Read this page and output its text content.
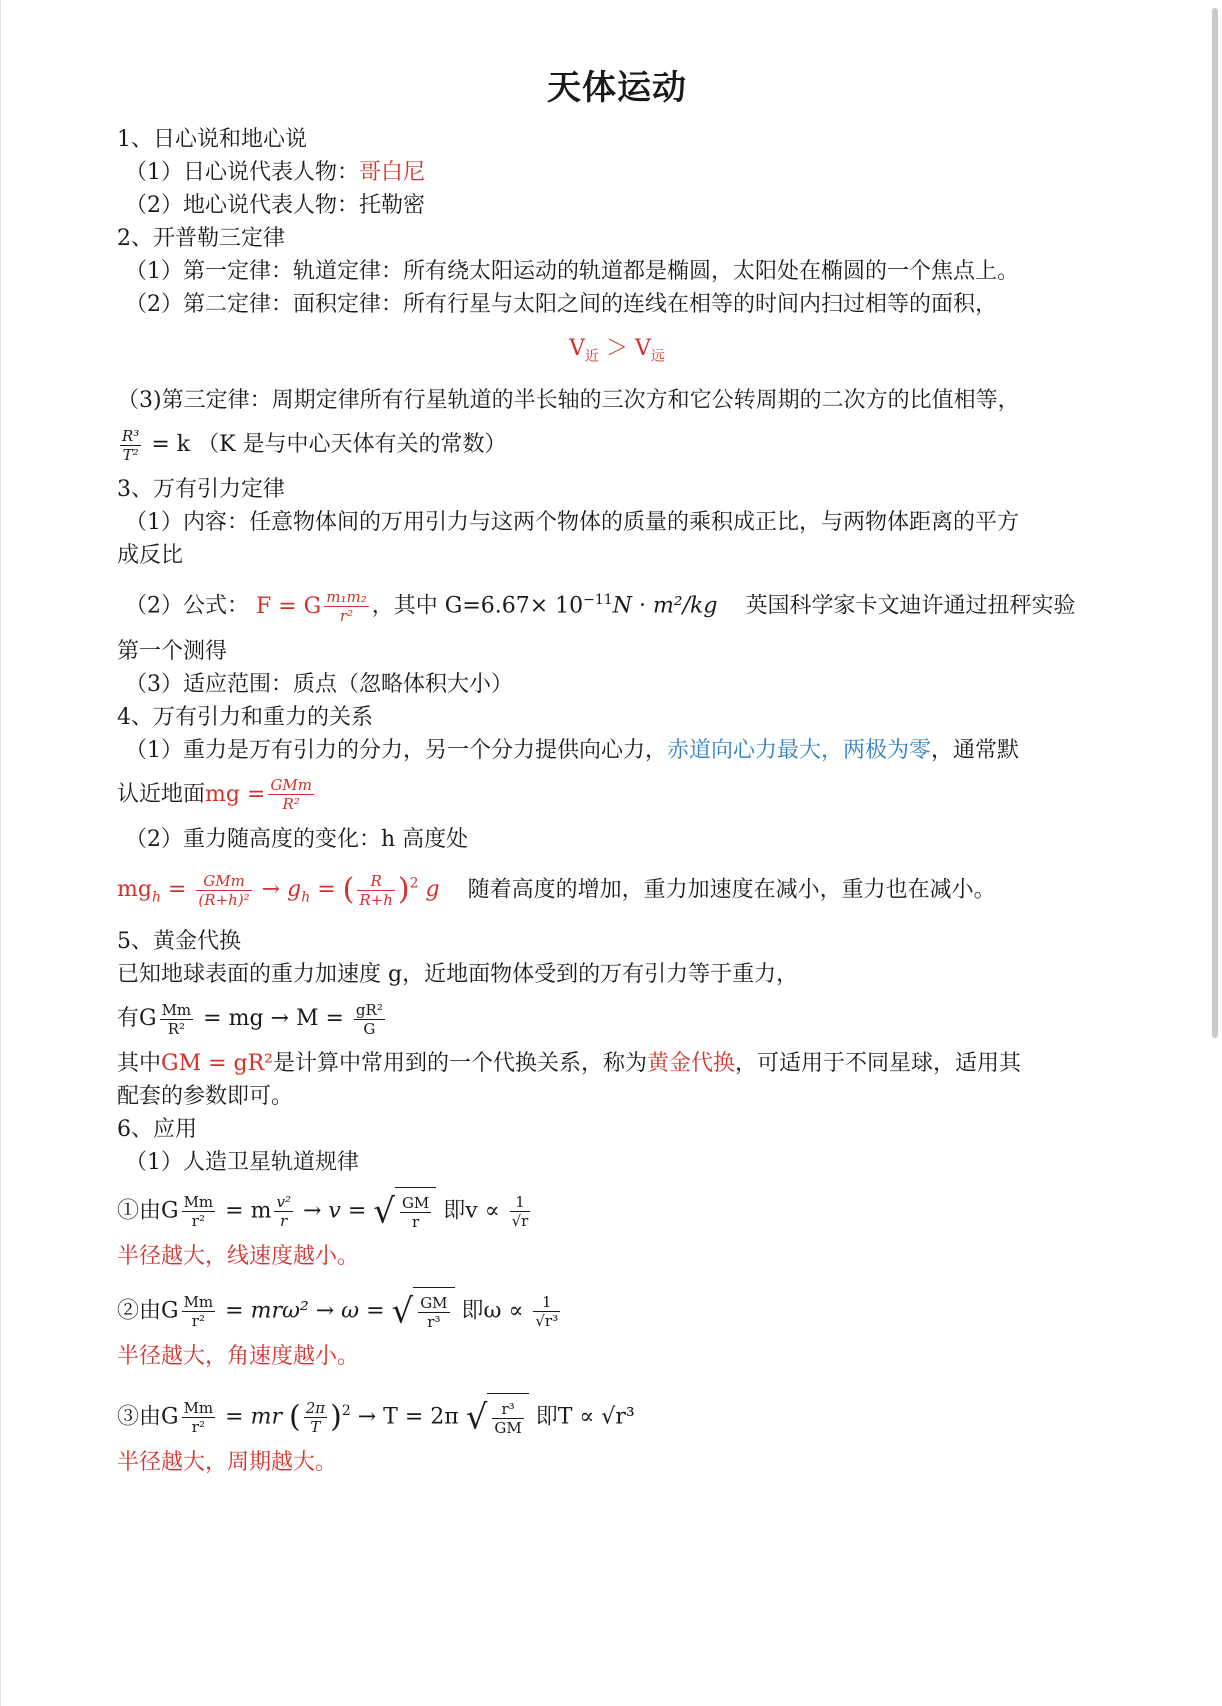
天体运动
1、日心说和地心说
（1）日心说代表人物：哥白尼
（2）地心说代表人物：托勒密
2、开普勒三定律
（1）第一定律：轨道定律：所有绕太阳运动的轨道都是椭圆，太阳处在椭圆的一个焦点上。
（2）第二定律：面积定律：所有行星与太阳之间的连线在相等的时间内扫过相等的面积，
$V_近 > V_远$
（3)第三定律：周期定律所有行星轨道的半长轴的三次方和它公转周期的二次方的比值相等，
$\frac{\text{R³}}{\text{T²}} = k$ （K 是与中心天体有关的常数）
3、万有引力定律
（1）内容：任意物体间的万用引力与这两个物体的质量的乘积成正比，与两物体距离的平方
成反比
（2）公式： F = G $\frac{\text{m₁m₂}}{\text{r²}}$ ，其中 $G=6.67\times 10^{-11}N \cdot m^2/kg$ 英国科学家卡文迪许通过扭秤实验
第一个测得
（3）适应范围：质点（忽略体积大小）
4、万有引力和重力的关系
（1）重力是万有引力的分力，另一个分力提供向心力，赤道向心力最大，两极为零，通常默
认近地面mg = $\frac{\text{GMm}}{\text{R²}}$
（2）重力随高度的变化：h 高度处
$mg_h = \frac{\text{GMm}}{\text{(R+h)²}} \to g_h$ = ( $\frac{R}{R+h} )^2$ g 随着高度的增加，重力加速度在减小，重力也在减小。
5、黄金代换
已知地球表面的重力加速度 g，近地面物体受到的万有引力等于重力，
有G $\frac{Mm}{\text{R²}}$ = mg → $M = \frac{\text{gR²}}{G}$
其中GM = gR²是计算中常用到的一个代换关系，称为黄金代换，可适用于不同星球，适用其
配套的参数即可。
6、应用
（1）人造卫星轨道规律
①由G $\frac{Mm}{\text{r²}} = m \frac{\text{v²}}{r} \to v$ = √ $\frac{GM}{r}$ 即$v \propto \frac{1}{√r}$
半径越大，线速度越小。
②由G $\frac{Mm}{\text{r²}} = mr\omega^2 \to \omega$ = √ $\frac{GM}{\text{r³}}$ 即$\omega \propto \frac{1}{\text{√r³}}$
半径越大，角速度越小。
③由G $\frac{Mm}{\text{r²}}$ = mr ( $\frac{2\pi}{T} )^2 \to T = 2\pi$ √ $\frac{\text{r³}}{GM}$ 即T ∝ √r³
半径越大，周期越大。
